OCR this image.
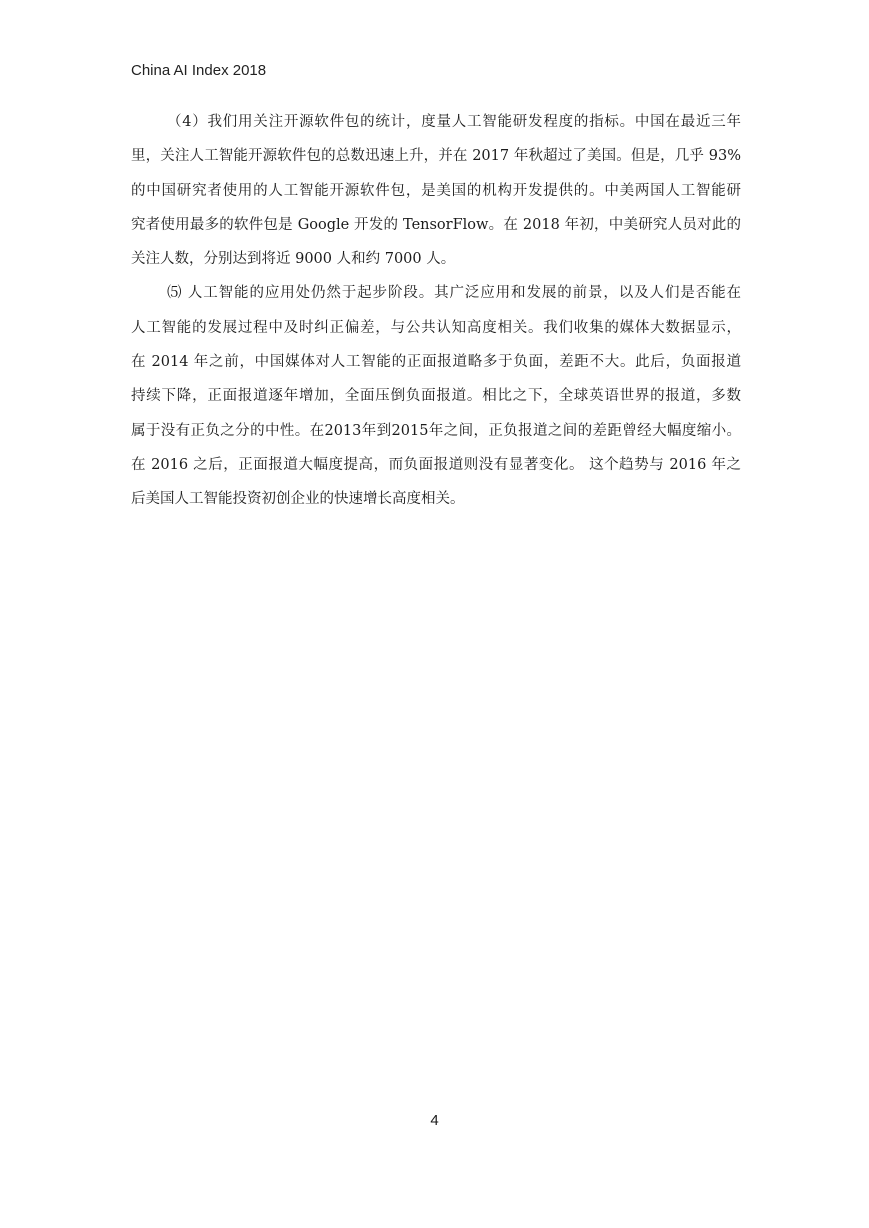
China AI Index 2018
（4）我们用关注开源软件包的统计，度量人工智能研发程度的指标。中国在最近三年
里，关注人工智能开源软件包的总数迅速上升，并在 2017 年秋超过了美国。但是，几乎 93%
的中国研究者使用的人工智能开源软件包，是美国的机构开发提供的。中美两国人工智能研
究者使用最多的软件包是 Google 开发的 TensorFlow。在 2018 年初，中美研究人员对此的
关注人数，分别达到将近 9000 人和约 7000 人。
⑸ 人工智能的应用处仍然于起步阶段。其广泛应用和发展的前景，以及人们是否能在
人工智能的发展过程中及时纠正偏差，与公共认知高度相关。我们收集的媒体大数据显示，
在 2014 年之前，中国媒体对人工智能的正面报道略多于负面，差距不大。此后，负面报道
持续下降，正面报道逐年增加，全面压倒负面报道。相比之下，全球英语世界的报道，多数
属于没有正负之分的中性。在2013年到2015年之间，正负报道之间的差距曾经大幅度缩小。
在 2016 之后，正面报道大幅度提高，而负面报道则没有显著变化。 这个趋势与 2016 年之
后美国人工智能投资初创企业的快速增长高度相关。
4
